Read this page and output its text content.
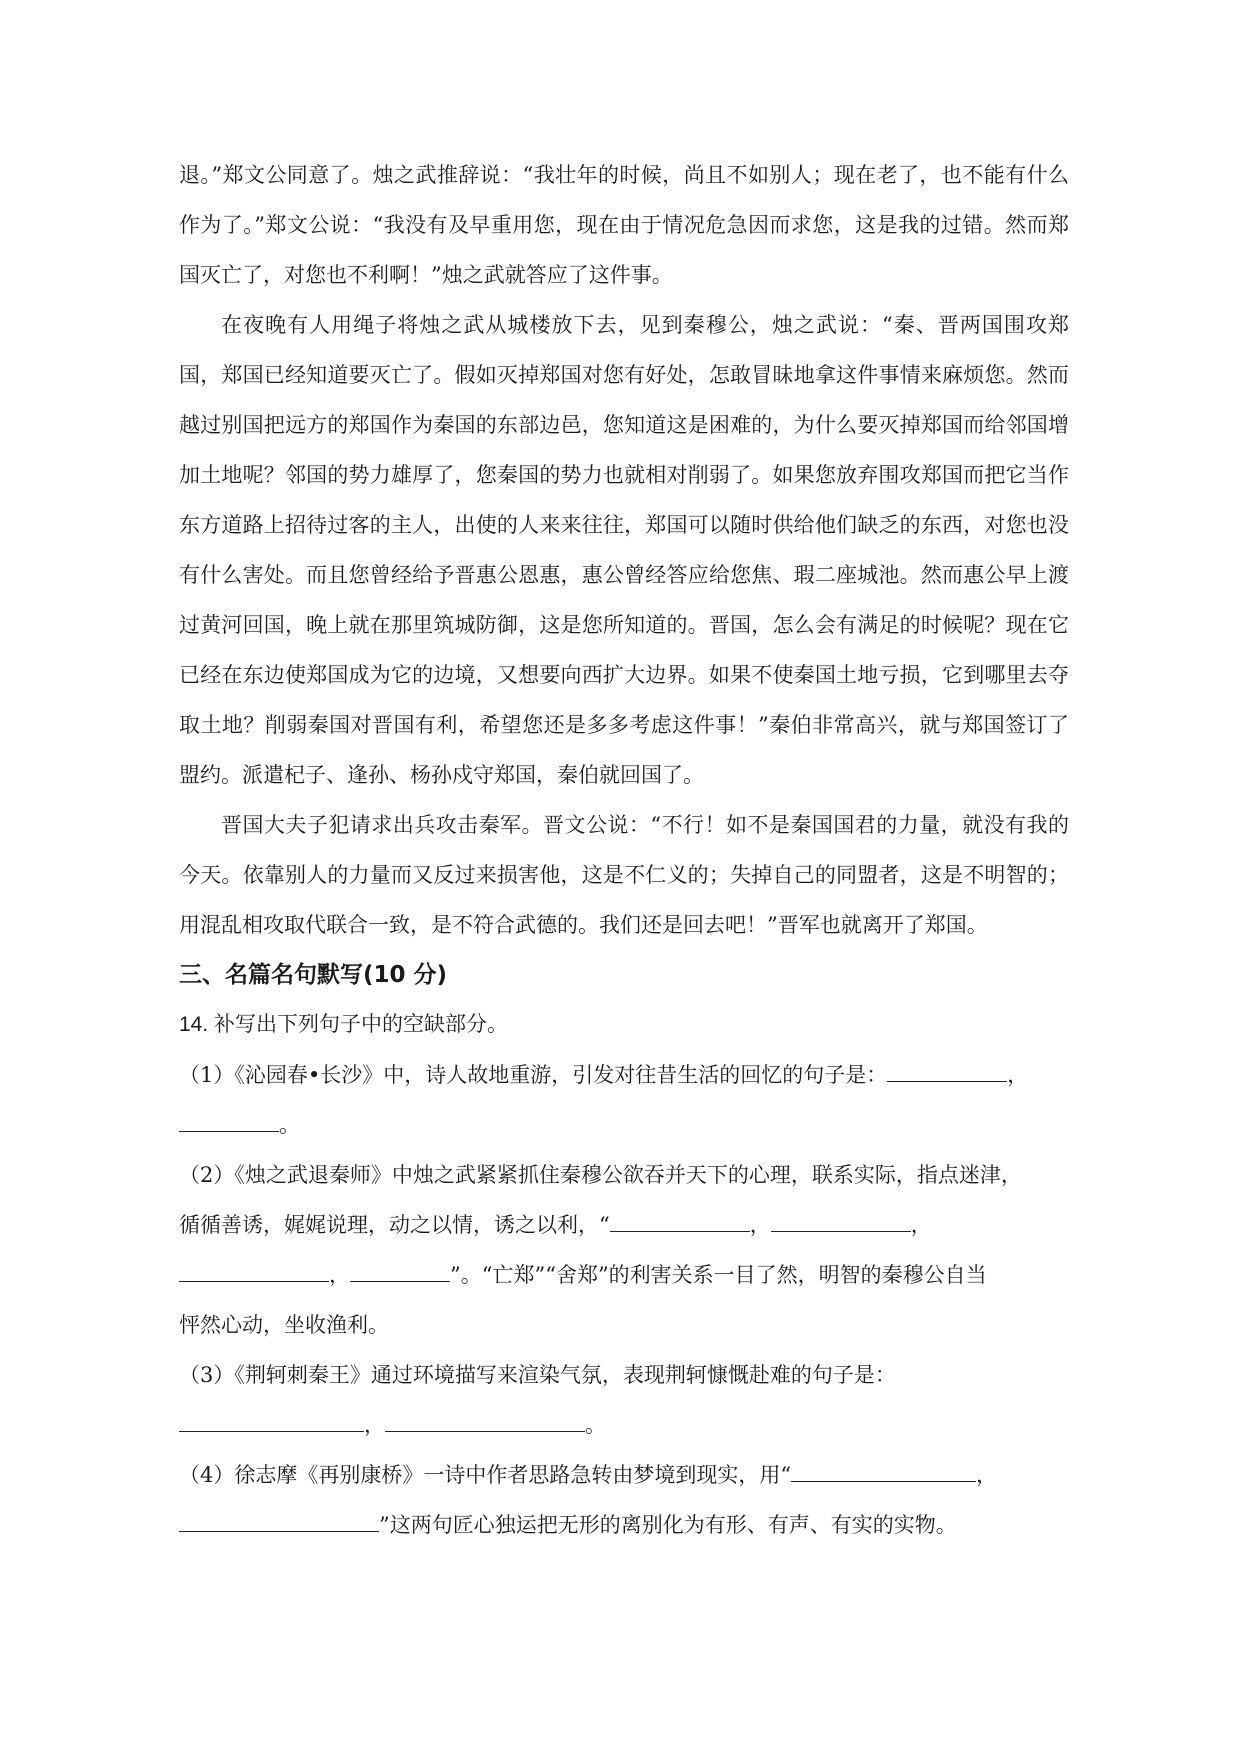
退。”郑文公同意了。烛之武推辞说：“我壮年的时候，尚且不如别人；现在老了，也不能有什么作为了。”郑文公说：“我没有及早重用您，现在由于情况危急因而求您，这是我的过错。然而郑国灭亡了，对您也不利啊！”烛之武就答应了这件事。

在夜晚有人用绳子将烛之武从城楼放下去，见到秦穆公，烛之武说：“秦、晋两国围攻郑国，郑国已经知道要灭亡了。假如灭掉郑国对您有好处，怎敢冒昧地拿这件事情来麻烦您。然而越过别国把远方的郑国作为秦国的东部边邑，您知道这是困难的，为什么要灭掉郑国而给邻国增加土地呢？邻国的势力雄厚了，您秦国的势力也就相对削弱了。如果您放弃围攻郑国而把它当作东方道路上招待过客的主人，出使的人来来往往，郑国可以随时供给他们缺乏的东西，对您也没有什么害处。而且您曾经给予晋惠公恩惠，惠公曾经答应给您焦、瑕二座城池。然而惠公早上渡过黄河回国，晚上就在那里筑城防御，这是您所知道的。晋国，怎么会有满足的时候呢？现在它已经在东边使郑国成为它的边境，又想要向西扩大边界。如果不使秦国土地亏损，它到哪里去夺取土地？削弱秦国对晋国有利，希望您还是多多考虑这件事！”秦伯非常高兴，就与郑国签订了盟约。派遣杞子、逢孙、杨孙戍守郑国，秦伯就回国了。

晋国大夫子犯请求出兵攻击秦军。晋文公说：“不行！如不是秦国国君的力量，就没有我的今天。依靠别人的力量而又反过来损害他，这是不仁义的；失掉自己的同盟者，这是不明智的；用混乱相攻取代联合一致，是不符合武德的。我们还是回去吧！”晋军也就离开了郑国。

三、名篇名句默写(10 分)

14. 补写出下列句子中的空缺部分。

（1）《沁园春•长沙》中，诗人故地重游，引发对往昔生活的回忆的句子是：	，

。

（2）《烛之武退秦师》中烛之武紧紧抓住秦穆公欲吞并天下的心理，联系实际，指点迷津，

循循善诱，娓娓说理，动之以情，诱之以利，“	，	，

，	”。“亡郑”“舍郑”的利害关系一目了然，明智的秦穆公自当

怦然心动，坐收渔利。

（3）《荆轲刺秦王》通过环境描写来渲染气氛，表现荆轲慷慨赴难的句子是：

，	。

（4）徐志摩《再别康桥》一诗中作者思路急转由梦境到现实，用“	，

”这两句匠心独运把无形的离别化为有形、有声、有实的实物。
